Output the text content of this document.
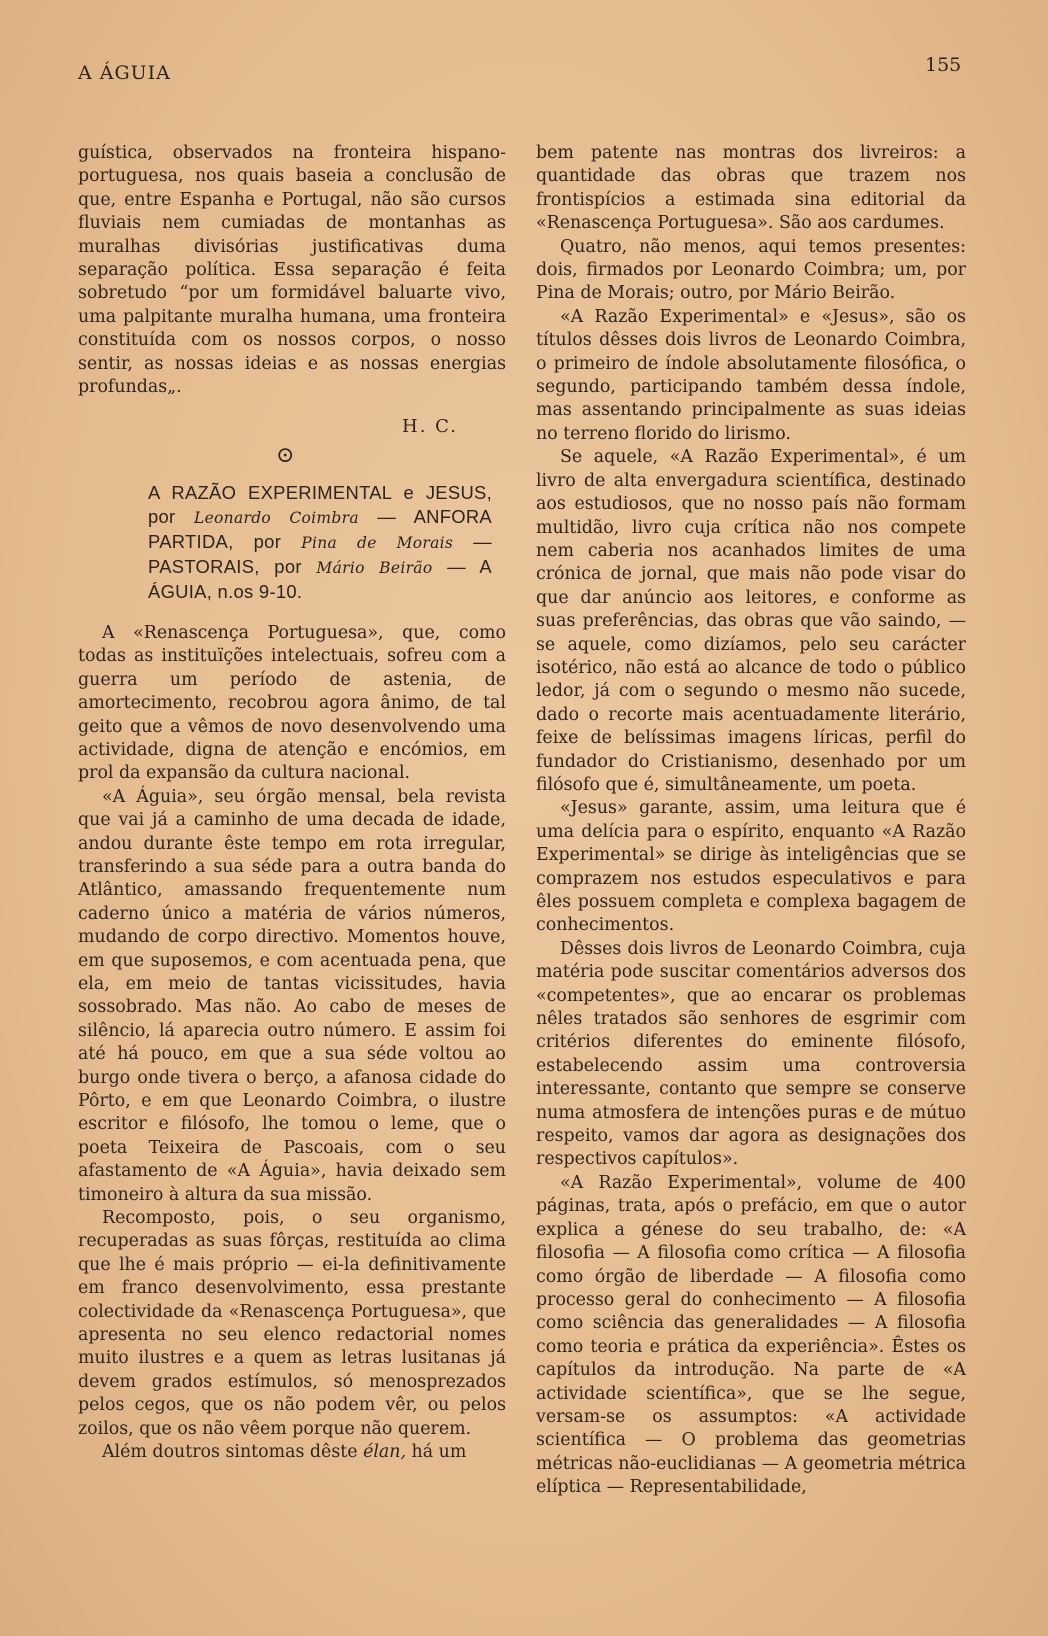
A ÁGUIA	155

guística, observados na fronteira hispano-portuguesa, nos quais baseia a conclusão de que, entre Espanha e Portugal, não são cursos fluviais nem cumiadas de montanhas as muralhas divisórias justificativas duma separação política. Essa separação é feita sobretudo “por um formidável baluarte vivo, uma palpitante muralha humana, uma fronteira constituída com os nossos corpos, o nosso sentir, as nossas ideias e as nossas energias profundas„.

H. C.
⊙
A RAZÃO EXPERIMENTAL e JESUS, por Leonardo Coimbra — ANFORA PARTIDA, por Pina de Morais — PASTORAIS, por Mário Beirão — A ÁGUIA, n.os 9-10.

A «Renascença Portuguesa», que, como todas as instituïções intelectuais, sofreu com a guerra um período de astenia, de amortecimento, recobrou agora ânimo, de tal geito que a vêmos de novo desenvolvendo uma actividade, digna de atenção e encómios, em prol da expansão da cultura nacional.

«A Águia», seu órgão mensal, bela revista que vai já a caminho de uma decada de idade, andou durante êste tempo em rota irregular, transferindo a sua séde para a outra banda do Atlântico, amassando frequentemente num caderno único a matéria de vários números, mudando de corpo directivo. Momentos houve, em que suposemos, e com acentuada pena, que ela, em meio de tantas vicissitudes, havia sossobrado. Mas não. Ao cabo de meses de silêncio, lá aparecia outro número. E assim foi até há pouco, em que a sua séde voltou ao burgo onde tivera o berço, a afanosa cidade do Pôrto, e em que Leonardo Coimbra, o ilustre escritor e filósofo, lhe tomou o leme, que o poeta Teixeira de Pascoais, com o seu afastamento de «A Águia», havia deixado sem timoneiro à altura da sua missão.

Recomposto, pois, o seu organismo, recuperadas as suas fôrças, restituída ao clima que lhe é mais próprio — ei-la definitivamente em franco desenvolvimento, essa prestante colectividade da «Renascença Portuguesa», que apresenta no seu elenco redactorial nomes muito ilustres e a quem as letras lusitanas já devem grados estímulos, só menosprezados pelos cegos, que os não podem vêr, ou pelos zoilos, que os não vêem porque não querem.

Além doutros sintomas dêste élan, há um

bem patente nas montras dos livreiros: a quantidade das obras que trazem nos frontispícios a estimada sina editorial da «Renascença Portuguesa». São aos cardumes.

Quatro, não menos, aqui temos presentes: dois, firmados por Leonardo Coimbra; um, por Pina de Morais; outro, por Mário Beirão.

«A Razão Experimental» e «Jesus», são os títulos dêsses dois livros de Leonardo Coimbra, o primeiro de índole absolutamente filosófica, o segundo, participando também dessa índole, mas assentando principalmente as suas ideias no terreno florido do lirismo.

Se aquele, «A Razão Experimental», é um livro de alta envergadura scientífica, destinado aos estudiosos, que no nosso país não formam multidão, livro cuja crítica não nos compete nem caberia nos acanhados limites de uma crónica de jornal, que mais não pode visar do que dar anúncio aos leitores, e conforme as suas preferências, das obras que vão saindo, — se aquele, como dizíamos, pelo seu carácter isotérico, não está ao alcance de todo o público ledor, já com o segundo o mesmo não sucede, dado o recorte mais acentuadamente literário, feixe de belíssimas imagens líricas, perfil do fundador do Cristianismo, desenhado por um filósofo que é, simultâneamente, um poeta.

«Jesus» garante, assim, uma leitura que é uma delícia para o espírito, enquanto «A Razão Experimental» se dirige às inteligências que se comprazem nos estudos especulativos e para êles possuem completa e complexa bagagem de conhecimentos.

Dêsses dois livros de Leonardo Coimbra, cuja matéria pode suscitar comentários adversos dos «competentes», que ao encarar os problemas nêles tratados são senhores de esgrimir com critérios diferentes do eminente filósofo, estabelecendo assim uma controversia interessante, contanto que sempre se conserve numa atmosfera de intenções puras e de mútuo respeito, vamos dar agora as designações dos respectivos capítulos».

«A Razão Experimental», volume de 400 páginas, trata, após o prefácio, em que o autor explica a génese do seu trabalho, de: «A filosofia — A filosofia como crítica — A filosofia como órgão de liberdade — A filosofia como processo geral do conhecimento — A filosofia como sciência das generalidades — A filosofia como teoria e prática da experiência». Êstes os capítulos da introdução. Na parte de «A actividade scientífica», que se lhe segue, versam-se os assumptos: «A actividade scientífica — O problema das geometrias métricas não-euclidianas — A geometria métrica elíptica — Representabilidade,
